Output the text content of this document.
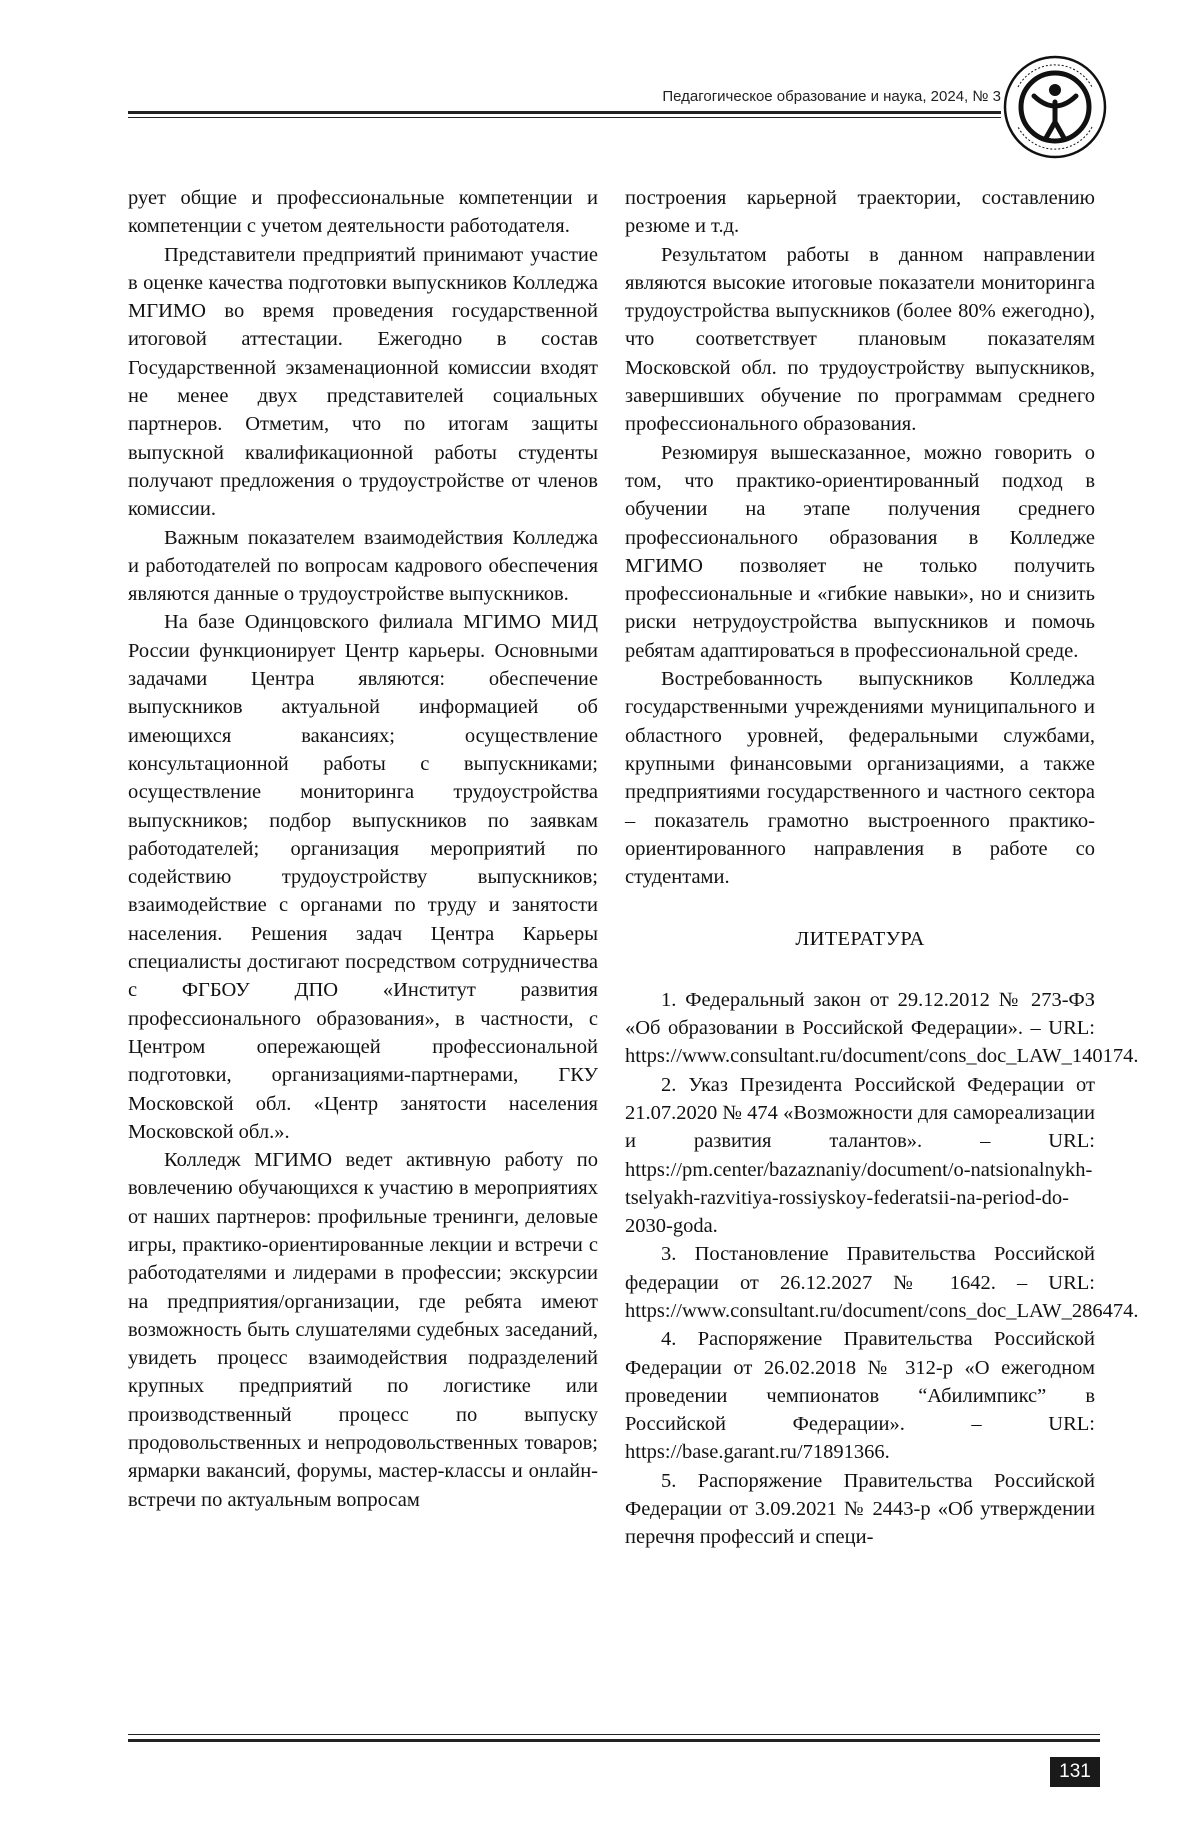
Педагогическое образование и наука, 2024, № 3

рует общие и профессиональные компетенции и компетенции с учетом деятельности работодателя.

Представители предприятий принимают участие в оценке качества подготовки выпускников Колледжа МГИМО во время проведения государственной итоговой аттестации. Ежегодно в состав Государственной экзаменационной комиссии входят не менее двух представителей социальных партнеров. Отметим, что по итогам защиты выпускной квалификационной работы студенты получают предложения о трудоустройстве от членов комиссии.

Важным показателем взаимодействия Колледжа и работодателей по вопросам кадрового обеспечения являются данные о трудоустройстве выпускников.

На базе Одинцовского филиала МГИМО МИД России функционирует Центр карьеры. Основными задачами Центра являются: обеспечение выпускников актуальной информацией об имеющихся вакансиях; осуществление консультационной работы с выпускниками; осуществление мониторинга трудоустройства выпускников; подбор выпускников по заявкам работодателей; организация мероприятий по содействию трудоустройству выпускников; взаимодействие с органами по труду и занятости населения. Решения задач Центра Карьеры специалисты достигают посредством сотрудничества с ФГБОУ ДПО «Институт развития профессионального образования», в частности, с Центром опережающей профессиональной подготовки, организациями-партнерами, ГКУ Московской обл. «Центр занятости населения Московской обл.».

Колледж МГИМО ведет активную работу по вовлечению обучающихся к участию в мероприятиях от наших партнеров: профильные тренинги, деловые игры, практико-ориентированные лекции и встречи с работодателями и лидерами в профессии; экскурсии на предприятия/организации, где ребята имеют возможность быть слушателями судебных заседаний, увидеть процесс взаимодействия подразделений крупных предприятий по логистике или производственный процесс по выпуску продовольственных и непродовольственных товаров; ярмарки вакансий, форумы, мастер-классы и онлайн-встречи по актуальным вопросам

построения карьерной траектории, составлению резюме и т.д.

Результатом работы в данном направлении являются высокие итоговые показатели мониторинга трудоустройства выпускников (более 80% ежегодно), что соответствует плановым показателям Московской обл. по трудоустройству выпускников, завершивших обучение по программам среднего профессионального образования.

Резюмируя вышесказанное, можно говорить о том, что практико-ориентированный подход в обучении на этапе получения среднего профессионального образования в Колледже МГИМО позволяет не только получить профессиональные и «гибкие навыки», но и снизить риски нетрудоустройства выпускников и помочь ребятам адаптироваться в профессиональной среде.

Востребованность выпускников Колледжа государственными учреждениями муниципального и областного уровней, федеральными службами, крупными финансовыми организациями, а также предприятиями государственного и частного сектора – показатель грамотно выстроенного практико-ориентированного направления в работе со студентами.

ЛИТЕРАТУРА

1. Федеральный закон от 29.12.2012 № 273-ФЗ «Об образовании в Российской Федерации». – URL: https://www.consultant.ru/document/cons_doc_LAW_140174.

2. Указ Президента Российской Федерации от 21.07.2020 № 474 «Возможности для самореализации и развития талантов». – URL: https://pm.center/bazaznaniy/document/o-natsionalnykh-tselyakh-razvitiya-rossiyskoy-federatsii-na-period-do-2030-goda.

3. Постановление Правительства Российской федерации от 26.12.2027 № 1642. – URL: https://www.consultant.ru/document/cons_doc_LAW_286474.

4. Распоряжение Правительства Российской Федерации от 26.02.2018 № 312-р «О ежегодном проведении чемпионатов “Абилимпикс” в Российской Федерации». – URL: https://base.garant.ru/71891366.

5. Распоряжение Правительства Российской Федерации от 3.09.2021 № 2443-р «Об утверждении перечня профессий и специ-

131
